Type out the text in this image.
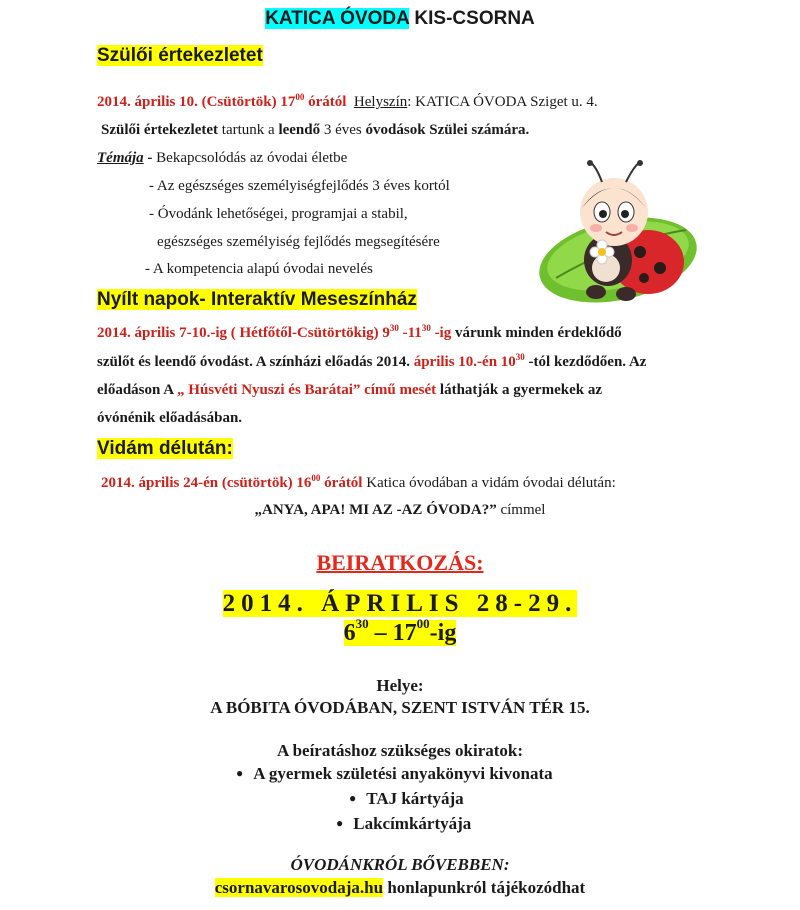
KATICA ÓVODA KIS-CSORNA
Szülői értekezletet
2014. április 10. (Csütörtök) $17^{00}$ órától Helyszín: KATICA ÓVODA Sziget u. 4.
Szülői értekezletet tartunk a leendő 3 éves óvodások Szülei számára.
Témája - Bekapcsolódás az óvodai életbe
- Az egészséges személyiségfejlődés 3 éves kortól
- Óvodánk lehetőségei, programjai a stabil,
egészséges személyiség fejlődés megsegítésére
- A kompetencia alapú óvodai nevelés
Nyílt napok- Interaktív Meseszínház
2014. április 7-10.-ig ( Hétfőtől-Csütörtökig) $9^{30}$ $-11^{30}$ -ig várunk minden érdeklődő
szülőt és leendő óvodást. A színházi előadás 2014. április 10.-én $10^{30}$ -tól kezdődően. Az
előadáson A „ Húsvéti Nyuszi és Barátai” című mesét láthatják a gyermekek az
óvónénik előadásában.
Vidám délután:
2014. április 24-én (csütörtök) $16^{00}$ órától Katica óvodában a vidám óvodai délután:
„ANYA, APA! MI AZ -AZ ÓVODA?” címmel
BEIRATKOZÁS:
2014. ÁPRILIS 28-29.
$6^{30} - 17^{00}-ig$
Helye:
A BÓBITA ÓVODÁBAN, SZENT ISTVÁN TÉR 15.
A beíratáshoz szükséges okiratok:
● A gyermek születési anyakönyvi kivonata
● TAJ kártyája
● Lakcímkártyája
ÓVODÁNKRÓL BŐVEBBEN:
csornavarosovodaja.hu honlapunkról tájékozódhat
